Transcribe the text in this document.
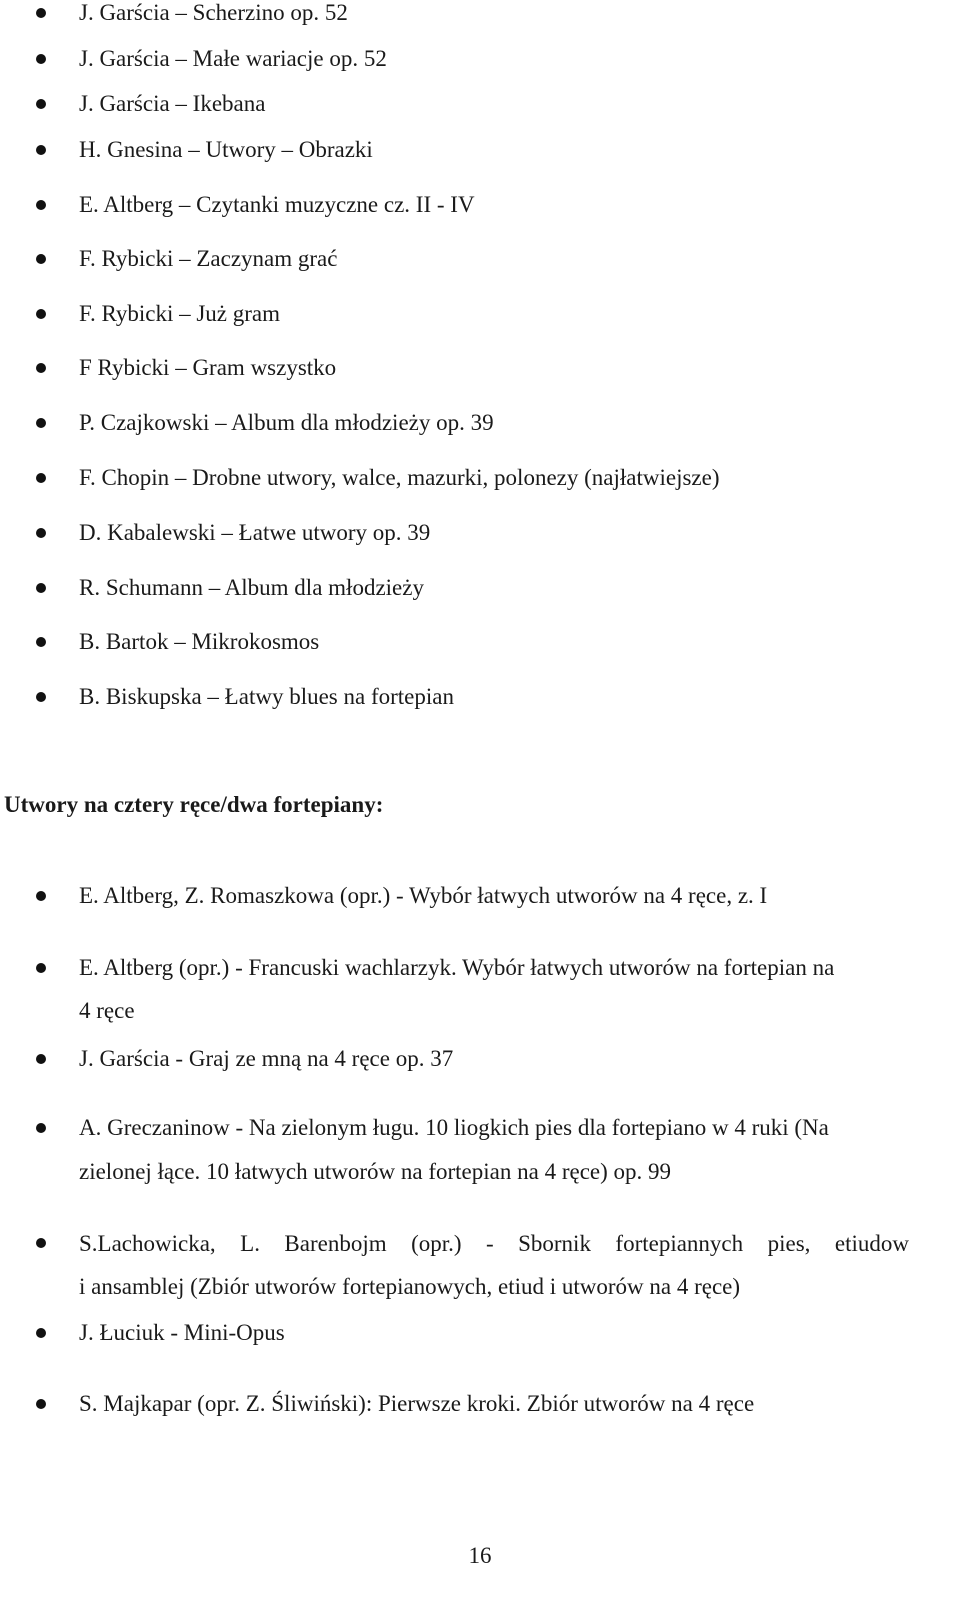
J. Garścia – Scherzino op. 52
J. Garścia – Małe wariacje op. 52
J. Garścia – Ikebana
H. Gnesina – Utwory – Obrazki
E. Altberg – Czytanki muzyczne cz. II - IV
F. Rybicki – Zaczynam grać
F. Rybicki – Już gram
F Rybicki – Gram wszystko
P. Czajkowski – Album dla młodzieży op. 39
F. Chopin – Drobne utwory, walce, mazurki, polonezy (najłatwiejsze)
D. Kabalewski – Łatwe utwory op. 39
R. Schumann – Album dla młodzieży
B. Bartok – Mikrokosmos
B. Biskupska – Łatwy blues na fortepian
Utwory na cztery ręce/dwa fortepiany:
E. Altberg, Z. Romaszkowa (opr.) - Wybór łatwych utworów na 4 ręce, z. I
E. Altberg (opr.) - Francuski wachlarzyk. Wybór łatwych utworów na fortepian na
4 ręce
J. Garścia - Graj ze mną na 4 ręce op. 37
A. Greczaninow - Na zielonym ługu. 10 liogkich pies dla fortepiano w 4 ruki (Na
zielonej łące. 10 łatwych utworów na fortepian na 4 ręce) op. 99
S.Lachowicka, L. Barenbojm (opr.) - Sbornik fortepiannych pies, etiudow
i ansamblej (Zbiór utworów fortepianowych, etiud i utworów na 4 ręce)
J. Łuciuk - Mini-Opus
S. Majkapar (opr. Z. Śliwiński): Pierwsze kroki. Zbiór utworów na 4 ręce
16
